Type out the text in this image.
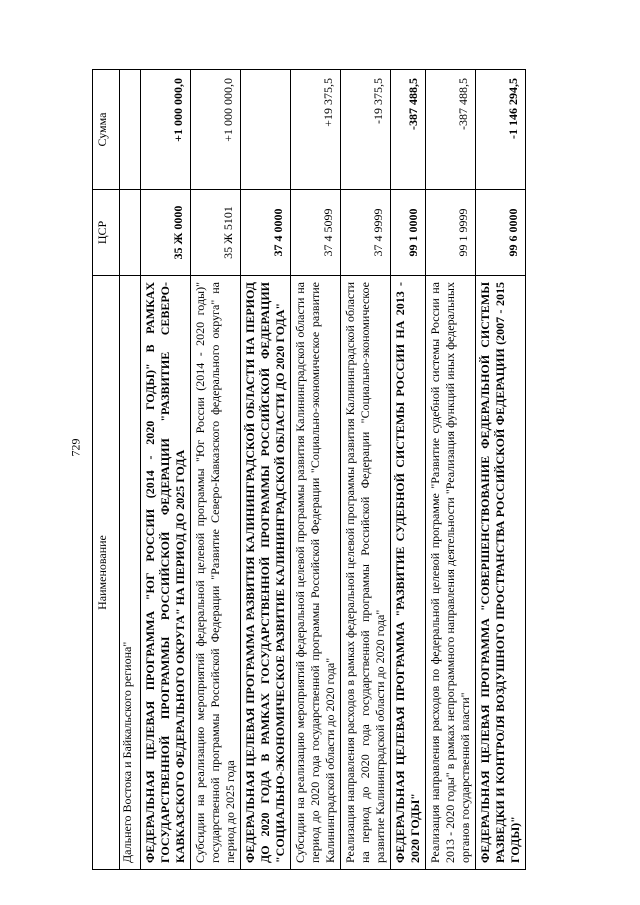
729
Наименование	ЦСР	Сумма
Дальнего Востока и Байкальского региона"		
ФЕДЕРАЛЬНАЯ ЦЕЛЕВАЯ ПРОГРАММА "ЮГ РОССИИ (2014 - 2020 ГОДЫ)" В РАМКАХ ГОСУДАРСТВЕННОЙ ПРОГРАММЫ РОССИЙСКОЙ ФЕДЕРАЦИИ "РАЗВИТИЕ СЕВЕРО-КАВКАЗСКОГО ФЕДЕРАЛЬНОГО ОКРУГА" НА ПЕРИОД ДО 2025 ГОДА	35 Ж 0000	+1 000 000,0
Субсидии на реализацию мероприятий федеральной целевой программы "Юг России (2014 - 2020 годы)" государственной программы Российской Федерации "Развитие Северо-Кавказского федерального округа" на период до 2025 года	35 Ж 5101	+1 000 000,0
ФЕДЕРАЛЬНАЯ ЦЕЛЕВАЯ ПРОГРАММА РАЗВИТИЯ КАЛИНИНГРАДСКОЙ ОБЛАСТИ НА ПЕРИОД ДО 2020 ГОДА В РАМКАХ ГОСУДАРСТВЕННОЙ ПРОГРАММЫ РОССИЙСКОЙ ФЕДЕРАЦИИ "СОЦИАЛЬНО-ЭКОНОМИЧЕСКОЕ РАЗВИТИЕ КАЛИНИНГРАДСКОЙ ОБЛАСТИ ДО 2020 ГОДА"	37 4 0000	
Субсидии на реализацию мероприятий федеральной целевой программы развития Калининградской области на период до 2020 года государственной программы Российской Федерации "Социально-экономическое развитие Калининградской области до 2020 года"	37 4 5099	+19 375,5
Реализация направления расходов в рамках федеральной целевой программы развития Калининградской области на период до 2020 года государственной программы Российской Федерации "Социально-экономическое развитие Калининградской области до 2020 года"	37 4 9999	-19 375,5
ФЕДЕРАЛЬНАЯ ЦЕЛЕВАЯ ПРОГРАММА "РАЗВИТИЕ СУДЕБНОЙ СИСТЕМЫ РОССИИ НА 2013 - 2020 ГОДЫ"	99 1 0000	-387 488,5
Реализация направления расходов по федеральной целевой программе "Развитие судебной системы России на 2013 - 2020 годы" в рамках непрограммного направления деятельности "Реализация функций иных федеральных органов государственной власти"	99 1 9999	-387 488,5
ФЕДЕРАЛЬНАЯ ЦЕЛЕВАЯ ПРОГРАММА "СОВЕРШЕНСТВОВАНИЕ ФЕДЕРАЛЬНОЙ СИСТЕМЫ РАЗВЕДКИ И КОНТРОЛЯ ВОЗДУШНОГО ПРОСТРАНСТВА РОССИЙСКОЙ ФЕДЕРАЦИИ (2007 - 2015 ГОДЫ)"	99 6 0000	-1 146 294,5
